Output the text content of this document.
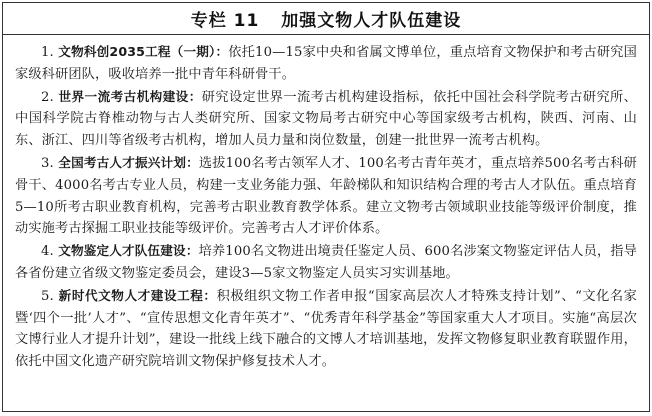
专栏 11 加强文物人才队伍建设

1. 文物科创2035工程（一期）：依托10—15家中央和省属文博单位，重点培育文物保护和考古研究国家级科研团队，吸收培养一批中青年科研骨干。

2. 世界一流考古机构建设：研究设定世界一流考古机构建设指标，依托中国社会科学院考古研究所、中国科学院古脊椎动物与古人类研究所、国家文物局考古研究中心等国家级考古机构，陕西、河南、山东、浙江、四川等省级考古机构，增加人员力量和岗位数量，创建一批世界一流考古机构。

3. 全国考古人才振兴计划：选拔100名考古领军人才、100名考古青年英才，重点培养500名考古科研骨干、4000名考古专业人员，构建一支业务能力强、年龄梯队和知识结构合理的考古人才队伍。重点培育5—10所考古职业教育机构，完善考古职业教育教学体系。建立文物考古领域职业技能等级评价制度，推动实施考古探掘工职业技能等级评价。完善考古人才评价体系。

4. 文物鉴定人才队伍建设：培养100名文物进出境责任鉴定人员、600名涉案文物鉴定评估人员，指导各省份建立省级文物鉴定委员会，建设3—5家文物鉴定人员实习实训基地。

5. 新时代文物人才建设工程：积极组织文物工作者申报“国家高层次人才特殊支持计划”、“文化名家暨‘四个一批’人才”、“宣传思想文化青年英才”、“优秀青年科学基金”等国家重大人才项目。实施“高层次文博行业人才提升计划”，建设一批线上线下融合的文博人才培训基地，发挥文物修复职业教育联盟作用，依托中国文化遗产研究院培训文物保护修复技术人才。
